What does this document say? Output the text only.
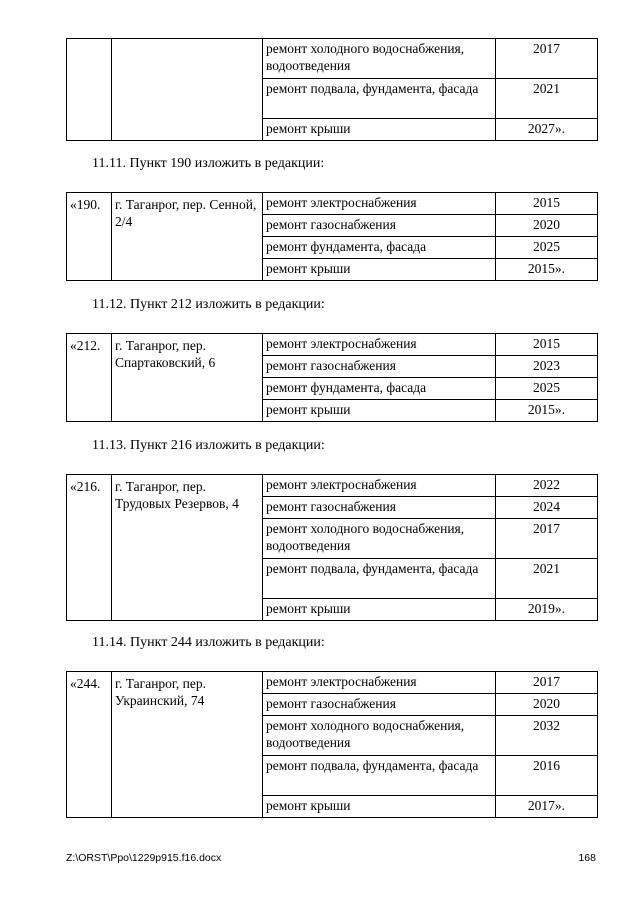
		ремонт холодного водоснабжения, водоотведения	2017
		ремонт подвала, фундамента, фасада	2021
		ремонт крыши	2027».
11.11. Пункт 190 изложить в редакции:
«190.	г. Таганрог, пер. Сенной, 2/4	ремонт электроснабжения	2015
		ремонт газоснабжения	2020
		ремонт фундамента, фасада	2025
		ремонт крыши	2015».
11.12. Пункт 212 изложить в редакции:
«212.	г. Таганрог, пер. Спартаковский, 6	ремонт электроснабжения	2015
		ремонт газоснабжения	2023
		ремонт фундамента, фасада	2025
		ремонт крыши	2015».
11.13. Пункт 216 изложить в редакции:
«216.	г. Таганрог, пер. Трудовых Резервов, 4	ремонт электроснабжения	2022
		ремонт газоснабжения	2024
		ремонт холодного водоснабжения, водоотведения	2017
		ремонт подвала, фундамента, фасада	2021
		ремонт крыши	2019».
11.14. Пункт 244 изложить в редакции:
«244.	г. Таганрог, пер. Украинский, 74	ремонт электроснабжения	2017
		ремонт газоснабжения	2020
		ремонт холодного водоснабжения, водоотведения	2032
		ремонт подвала, фундамента, фасада	2016
		ремонт крыши	2017».
Z:\ORST\Ppo\1229p915.f16.docx	168
